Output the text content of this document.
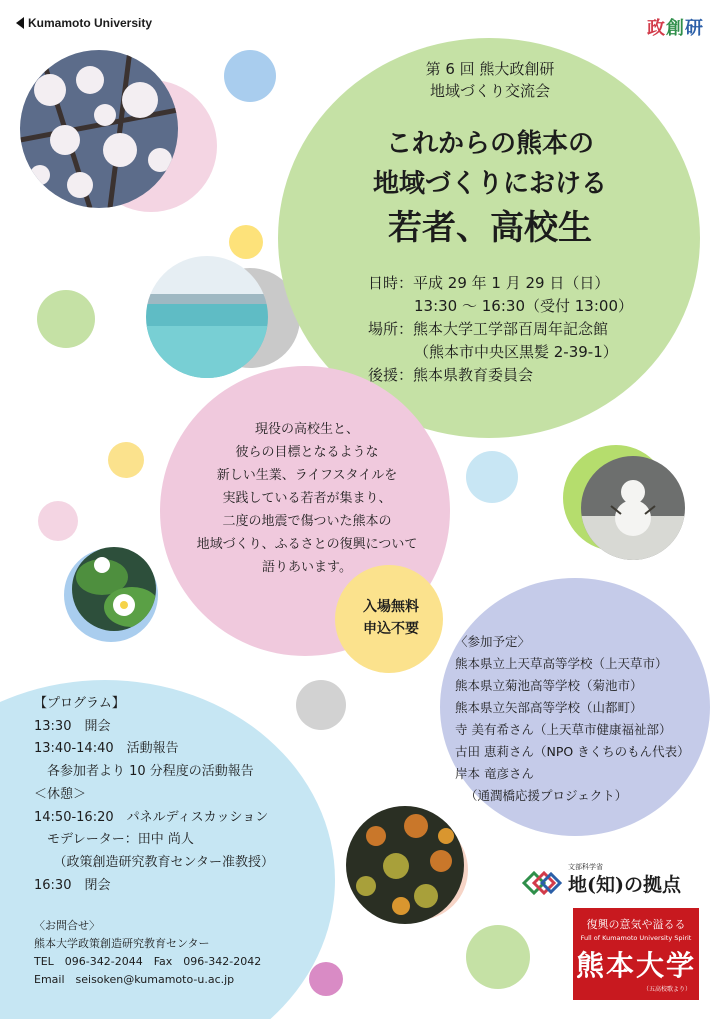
Kumamoto University	政創研
第 6 回 熊大政創研
地域づくり交流会
これからの熊本の
地域づくりにおける
若者、高校生
日時：平成 29 年 1 月 29 日（日）
13:30 ～ 16:30（受付 13:00）
場所：熊本大学工学部百周年記念館
（熊本市中央区黒髪 2-39-1）
後援：熊本県教育委員会
現役の高校生と、
彼らの目標となるような
新しい生業、ライフスタイルを
実践している若者が集まり、
二度の地震で傷ついた熊本の
地域づくり、ふるさとの復興について
語りあいます。
入場無料
申込不要
〈参加予定〉
熊本県立上天草高等学校（上天草市）
熊本県立菊池高等学校（菊池市）
熊本県立矢部高等学校（山都町）
寺 美有希さん（上天草市健康福祉部）
古田 恵莉さん（NPO きくちのもん代表）
岸本 竜彦さん
（通潤橋応援プロジェクト）
【プログラム】
13:30　開会
13:40-14:40　活動報告
　各参加者より 10 分程度の活動報告
＜休憩＞
14:50-16:20　パネルディスカッション
　モデレーター：田中 尚人
　　（政策創造研究教育センター准教授）
16:30　閉会
〈お問合せ〉
熊本大学政策創造研究教育センター
TEL　096-342-2044　Fax　096-342-2042
Email　seisoken@kumamoto-u.ac.jp
文部科学省
地(知)の拠点
復興の意気や溢るる
Full of Kumamoto University Spirit
熊本大学
（五高校歌より）
